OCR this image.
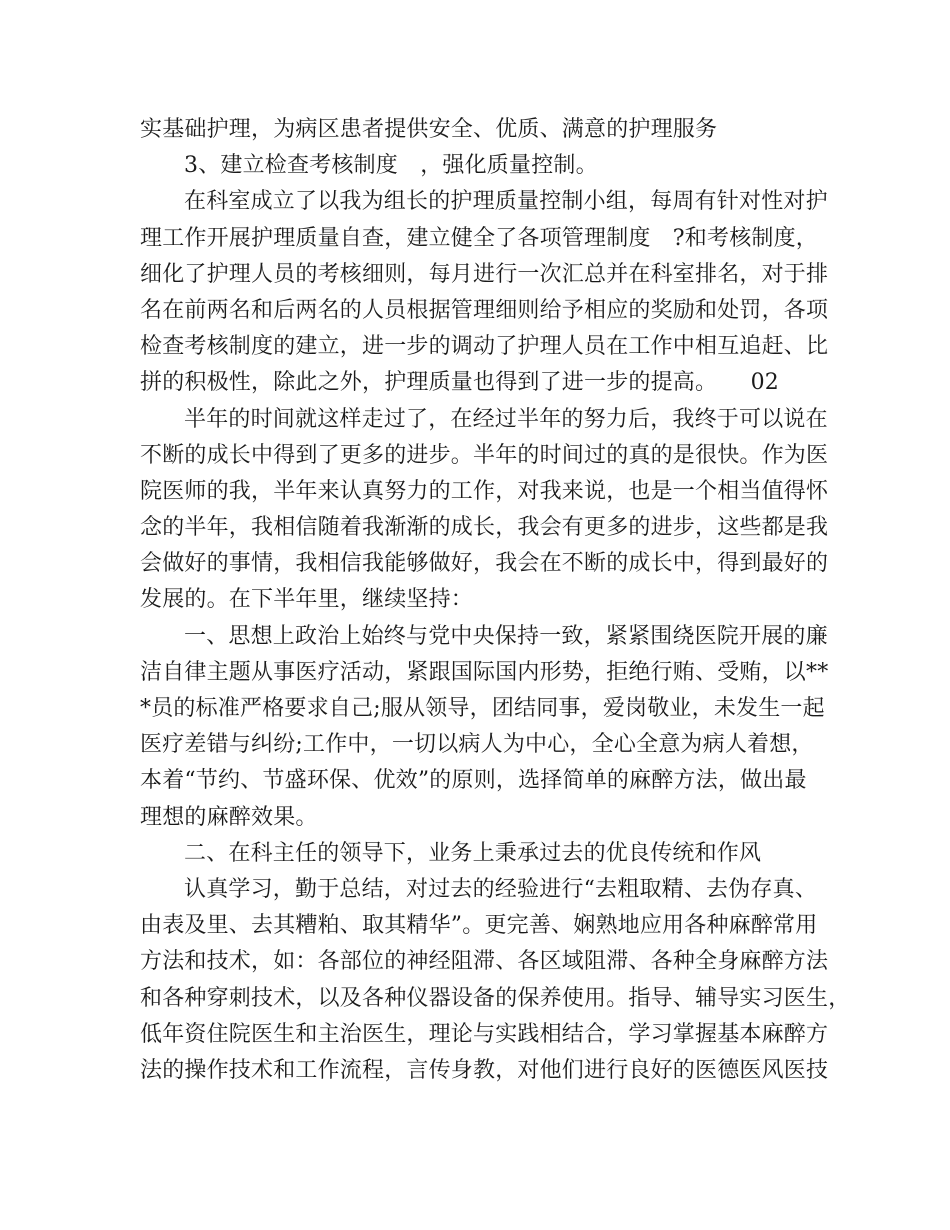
实基础护理，为病区患者提供安全、优质、满意的护理服务
3、建立检查考核制度　，强化质量控制。
在科室成立了以我为组长的护理质量控制小组，每周有针对性对护
理工作开展护理质量自查，建立健全了各项管理制度　?和考核制度，
细化了护理人员的考核细则，每月进行一次汇总并在科室排名，对于排
名在前两名和后两名的人员根据管理细则给予相应的奖励和处罚，各项
检查考核制度的建立，进一步的调动了护理人员在工作中相互追赶、比
拼的积极性，除此之外，护理质量也得到了进一步的提高。　　02
半年的时间就这样走过了，在经过半年的努力后，我终于可以说在
不断的成长中得到了更多的进步。半年的时间过的真的是很快。作为医
院医师的我，半年来认真努力的工作，对我来说，也是一个相当值得怀
念的半年，我相信随着我渐渐的成长，我会有更多的进步，这些都是我
会做好的事情，我相信我能够做好，我会在不断的成长中，得到最好的
发展的。在下半年里，继续坚持：
一、思想上政治上始终与党中央保持一致，紧紧围绕医院开展的廉
洁自律主题从事医疗活动，紧跟国际国内形势，拒绝行贿、受贿，以**
*员的标准严格要求自己;服从领导，团结同事，爱岗敬业，未发生一起
医疗差错与纠纷;工作中，一切以病人为中心，全心全意为病人着想，
本着“节约、节盛环保、优效”的原则，选择简单的麻醉方法，做出最
理想的麻醉效果。
二、在科主任的领导下，业务上秉承过去的优良传统和作风
认真学习，勤于总结，对过去的经验进行“去粗取精、去伪存真、
由表及里、去其糟粕、取其精华”。更完善、娴熟地应用各种麻醉常用
方法和技术，如：各部位的神经阻滞、各区域阻滞、各种全身麻醉方法
和各种穿刺技术，以及各种仪器设备的保养使用。指导、辅导实习医生，
低年资住院医生和主治医生，理论与实践相结合，学习掌握基本麻醉方
法的操作技术和工作流程，言传身教，对他们进行良好的医德医风医技
